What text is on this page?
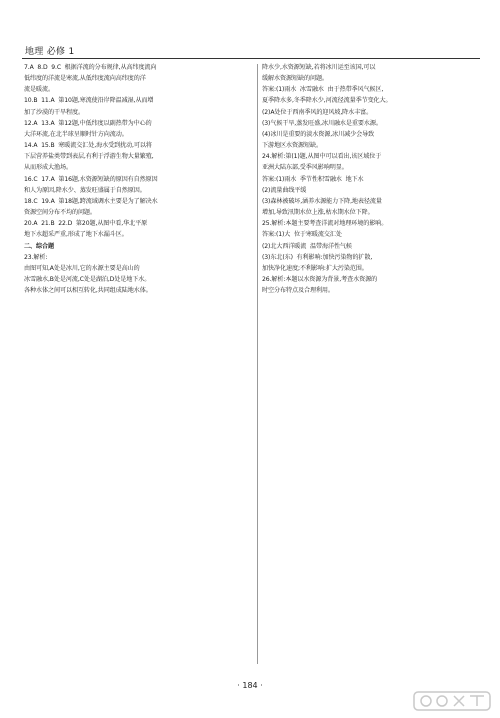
地理 必修 1
7.A  8.D  9.C  根据洋流的分布规律,从高纬度流向
低纬度的洋流是寒流,从低纬度流向高纬度的洋
流是暖流。
10.B  11.A  第10题,寒流使沿岸降温减湿,从而增
加了沙漠的干旱程度。
12.A  13.A  第12题,中低纬度以副热带为中心的
大洋环流,在北半球呈顺时针方向流动。
14.A  15.B  寒暖流交汇处,海水受到扰动,可以将
下层营养盐类带到表层,有利于浮游生物大量繁殖,
从而形成大渔场。
16.C  17.A  第16题,水资源短缺的原因有自然原因
和人为原因,降水少、蒸发旺盛属于自然原因。
18.C  19.A  第18题,跨流域调水主要是为了解决水
资源空间分布不均的问题。
20.A  21.B  22.D  第20题,从图中看,华北平原
地下水超采严重,形成了地下水漏斗区。
二、综合题
23.解析:
由图可知,A处是冰川,它的水源主要是高山的
冰雪融水,B处是河流,C处是湖泊,D处是地下水。
各种水体之间可以相互转化,共同组成陆地水体。
降水少,水资源短缺,若将冰川运至该国,可以
缓解水资源短缺的问题。
答案:(1)雨水  冰雪融水  由于热带季风气候区,
夏季降水多,冬季降水少,河流径流量季节变化大。
(2)A处位于西南季风的迎风坡,降水丰富。
(3)气候干旱,蒸发旺盛,冰川融水是重要水源。
(4)冰川是重要的淡水资源,冰川减少会导致
下游地区水资源短缺。
24.解析:第(1)题,从图中可以看出,该区域位于
亚洲大陆东部,受季风影响明显。
答案:(1)雨水  季节性积雪融水  地下水
(2)流量曲线平缓
(3)森林被破坏,涵养水源能力下降,地表径流量
增加,导致汛期水位上涨,枯水期水位下降。
25.解析:本题主要考查洋流对地理环境的影响。
答案:(1)大  位于寒暖流交汇处
(2)北大西洋暖流  温带海洋性气候
(3)东北(东)  有利影响:加快污染物的扩散,
加快净化速度;不利影响:扩大污染范围。
26.解析:本题以水资源为背景,考查水资源的
时空分布特点及合理利用。
· 184 ·
